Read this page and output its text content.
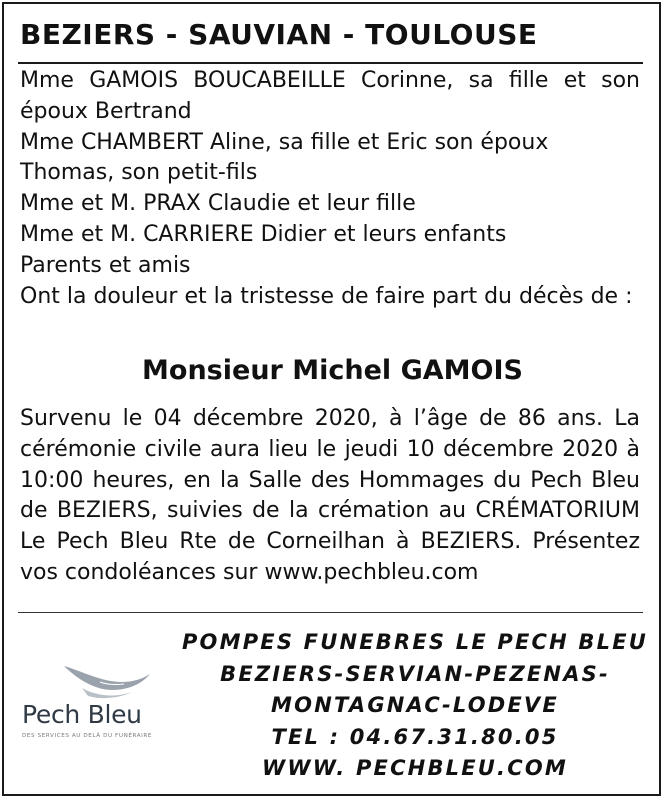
BEZIERS - SAUVIAN - TOULOUSE
Mme GAMOIS BOUCABEILLE Corinne, sa fille et son époux Bertrand
Mme CHAMBERT Aline, sa fille et Eric son époux
Thomas, son petit-fils
Mme et M. PRAX Claudie et leur fille
Mme et M. CARRIERE Didier et leurs enfants
Parents et amis
Ont la douleur et la tristesse de faire part du décès de :
Monsieur Michel GAMOIS
Survenu le 04 décembre 2020, à l’âge de 86 ans. La cérémonie civile aura lieu le jeudi 10 décembre 2020 à 10:00 heures, en la Salle des Hommages du Pech Bleu de BEZIERS, suivies de la crémation au CRÉMATORIUM Le Pech Bleu Rte de Corneilhan à BEZIERS. Présentez vos condoléances sur www.pechbleu.com
Pech Bleu
DES SERVICES AU DELÀ DU FUNÉRAIRE
POMPES FUNEBRES LE PECH BLEU
BEZIERS-SERVIAN-PEZENAS-
MONTAGNAC-LODEVE
TEL : 04.67.31.80.05
WWW. PECHBLEU.COM
